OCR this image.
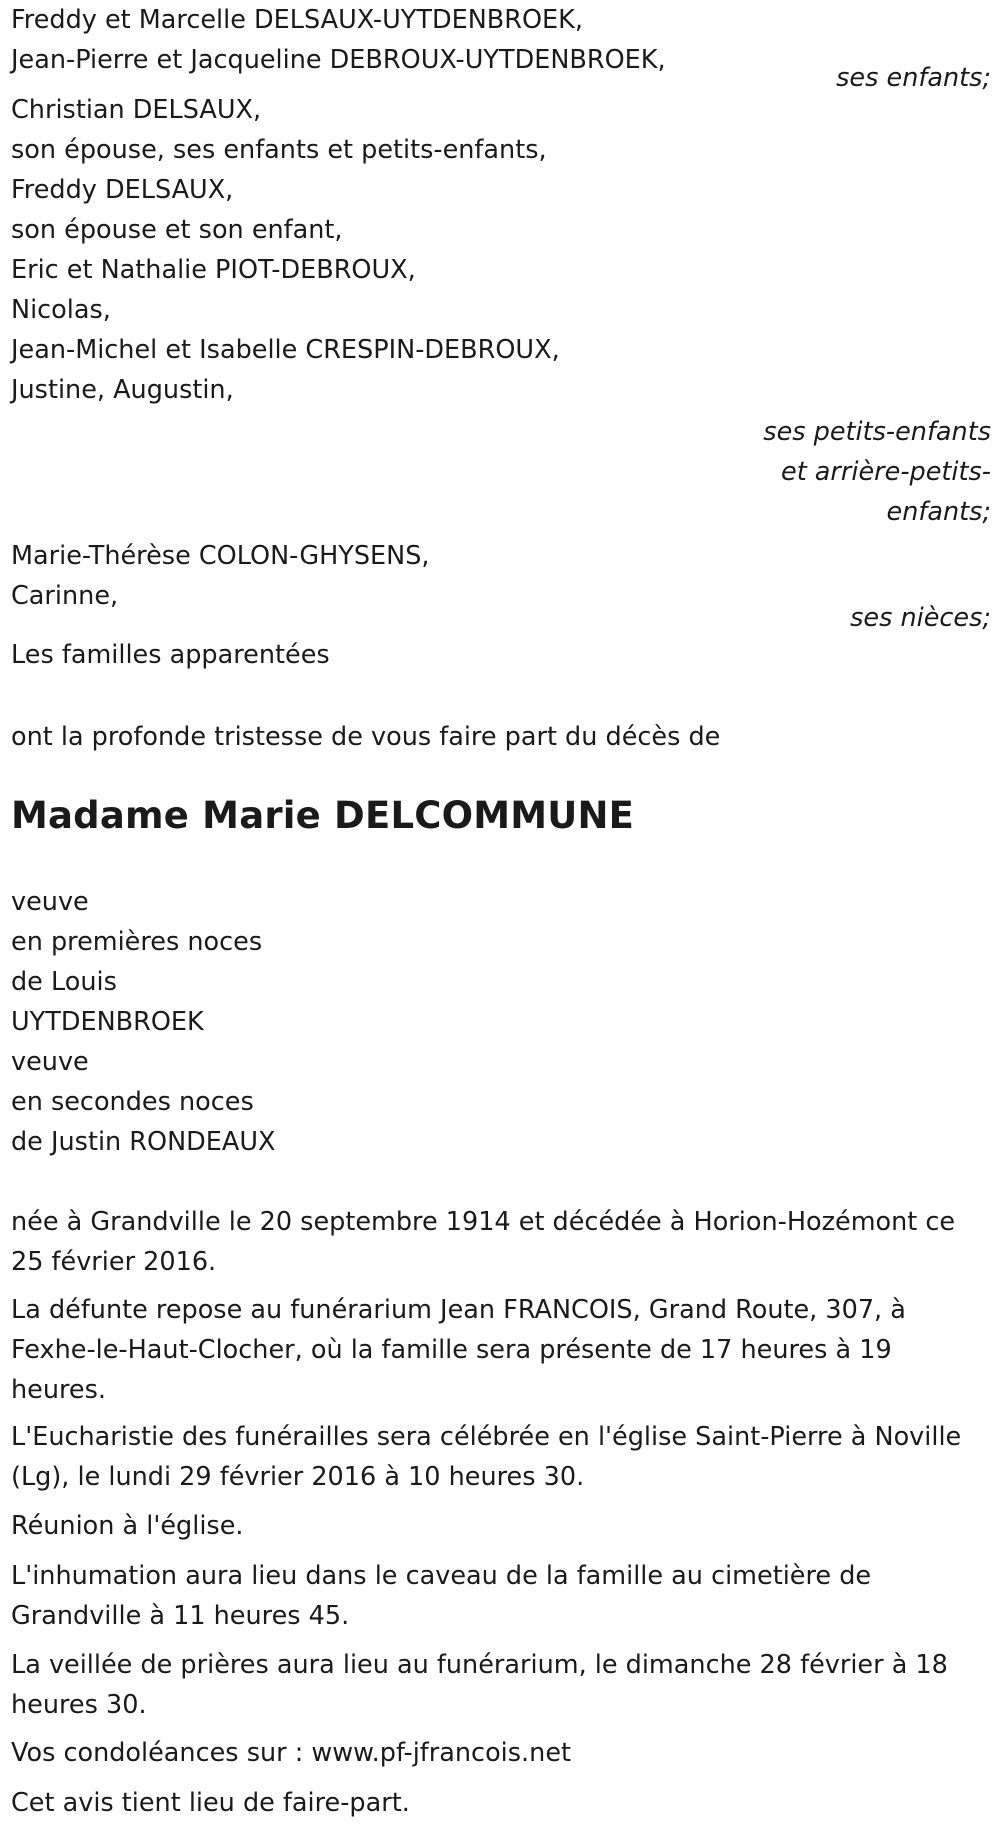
Freddy et Marcelle DELSAUX-UYTDENBROEK,
Jean-Pierre et Jacqueline DEBROUX-UYTDENBROEK,
ses enfants;
Christian DELSAUX,
son épouse, ses enfants et petits-enfants,
Freddy DELSAUX,
son épouse et son enfant,
Eric et Nathalie PIOT-DEBROUX,
Nicolas,
Jean-Michel et Isabelle CRESPIN-DEBROUX,
Justine, Augustin,
ses petits-enfants
et arrière-petits-
enfants;
Marie-Thérèse COLON-GHYSENS,
Carinne,
ses nièces;
Les familles apparentées
ont la profonde tristesse de vous faire part du décès de
Madame Marie DELCOMMUNE
veuve
en premières noces
de Louis
UYTDENBROEK
veuve
en secondes noces
de Justin RONDEAUX
née à Grandville le 20 septembre 1914 et décédée à Horion-Hozémont ce 25 février 2016.
La défunte repose au funérarium Jean FRANCOIS, Grand Route, 307, à Fexhe-le-Haut-Clocher, où la famille sera présente de 17 heures à 19 heures.
L'Eucharistie des funérailles sera célébrée en l'église Saint-Pierre à Noville (Lg), le lundi 29 février 2016 à 10 heures 30.
Réunion à l'église.
L'inhumation aura lieu dans le caveau de la famille au cimetière de Grandville à 11 heures 45.
La veillée de prières aura lieu au funérarium, le dimanche 28 février à 18 heures 30.
Vos condoléances sur : www.pf-jfrancois.net
Cet avis tient lieu de faire-part.
